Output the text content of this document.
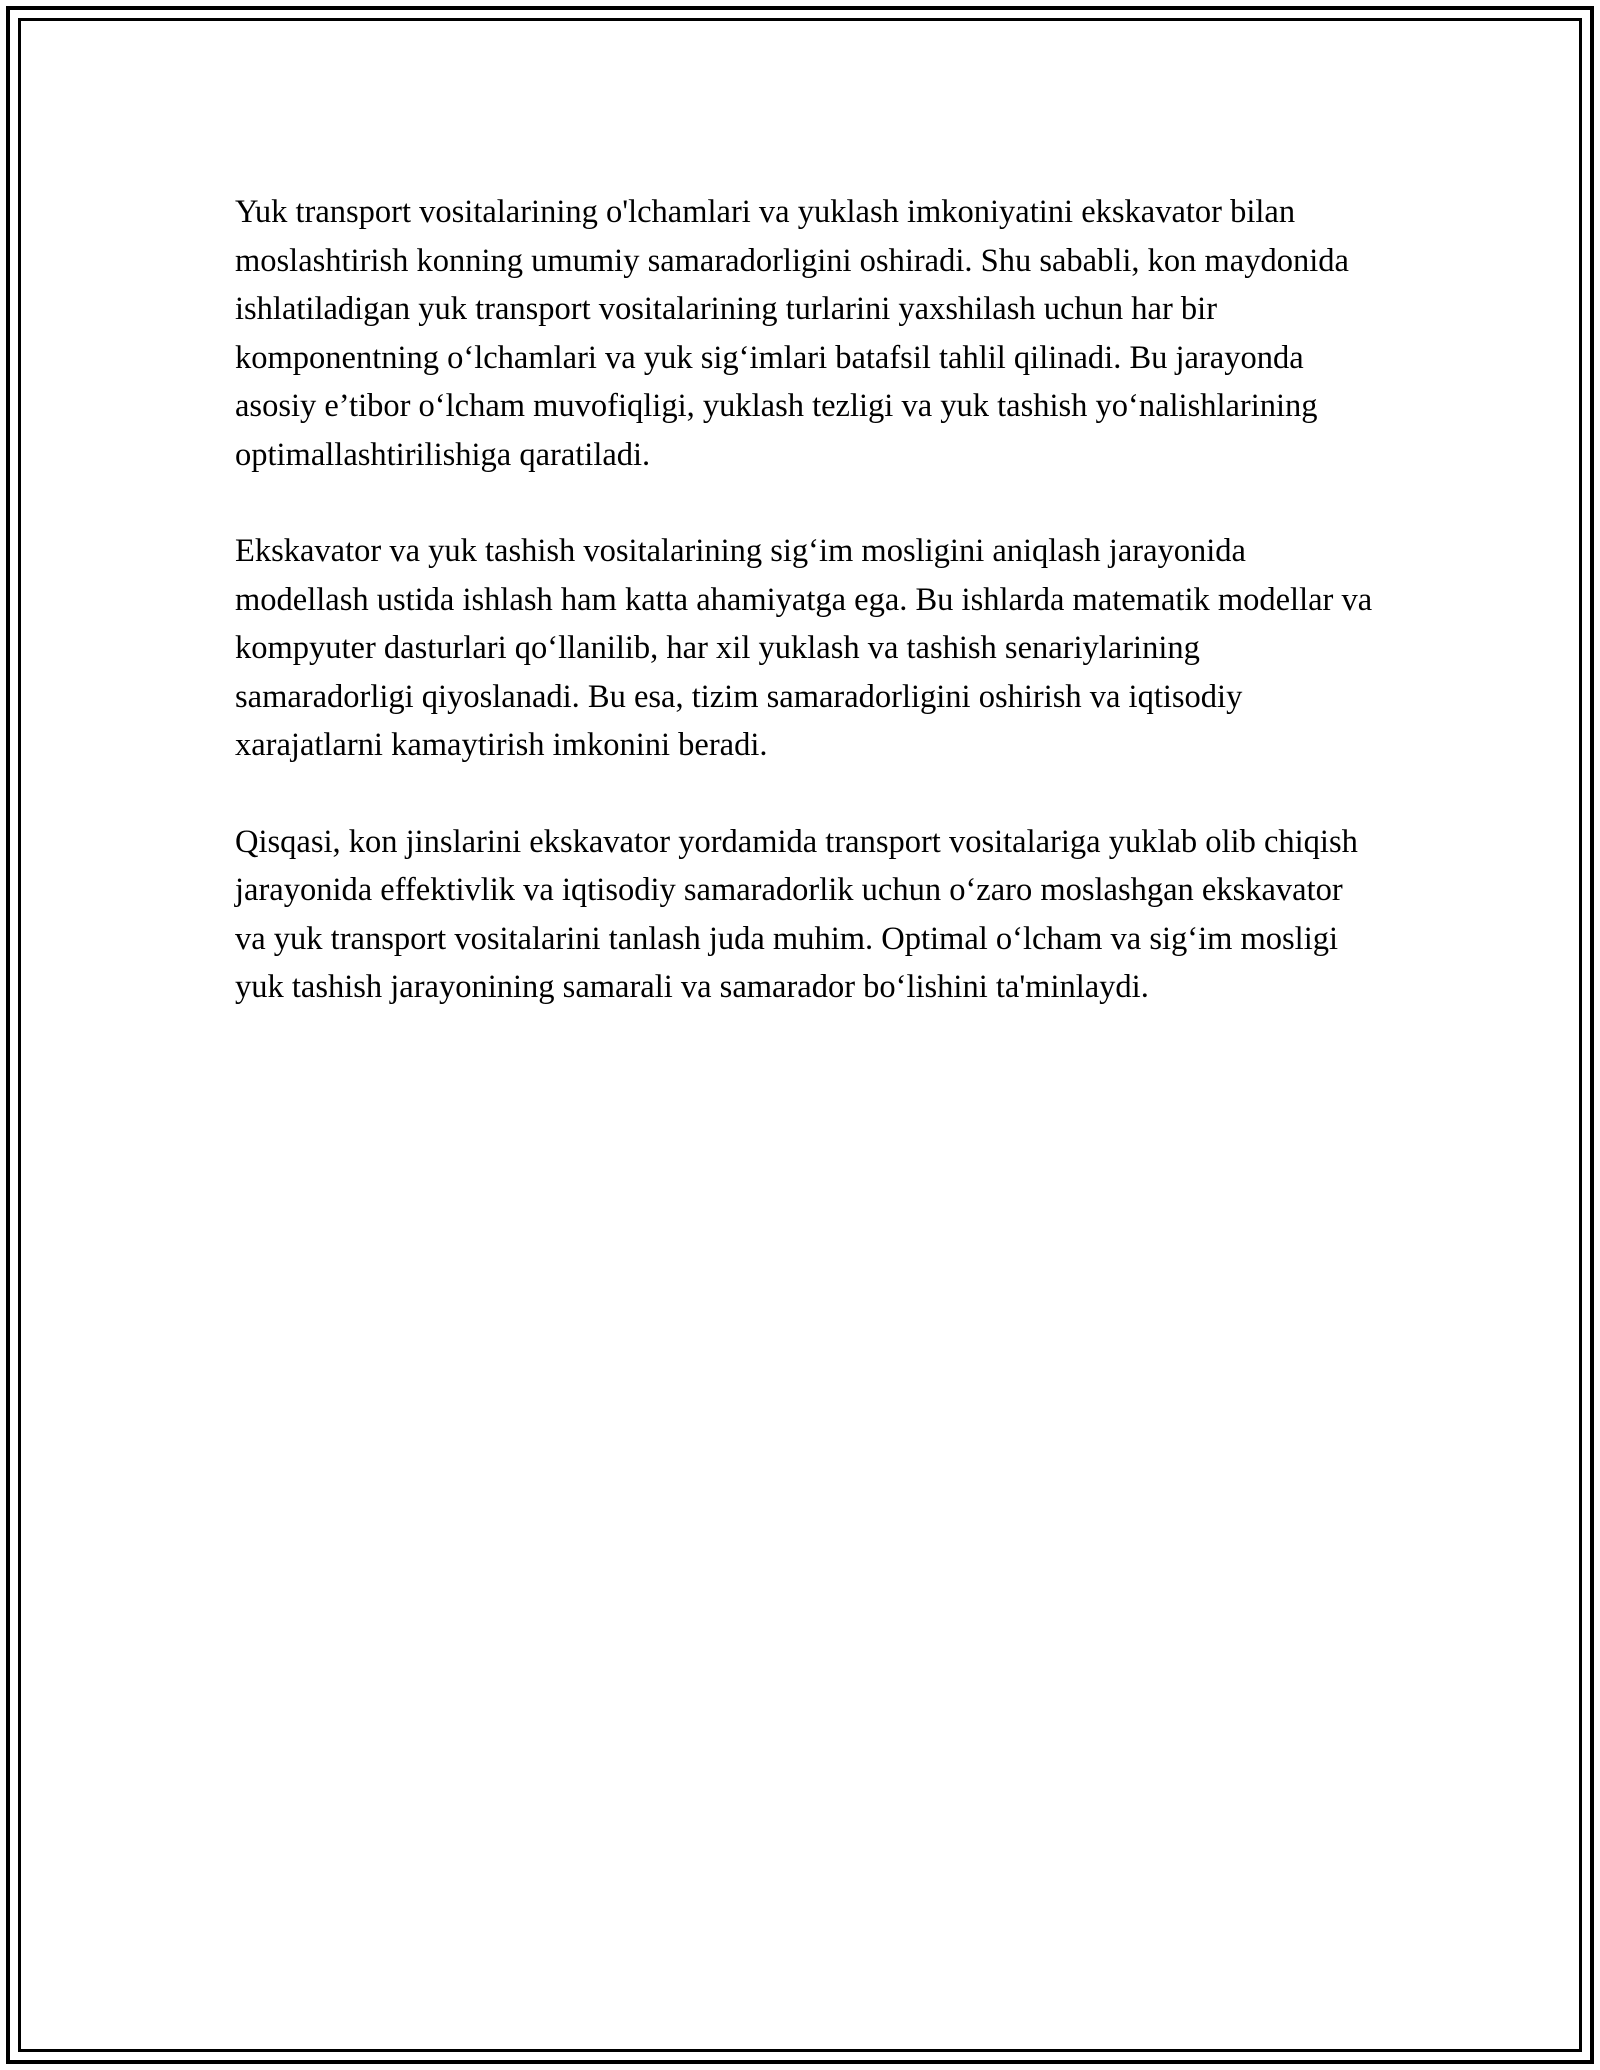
Yuk transport vositalarining o'lchamlari va yuklash imkoniyatini ekskavator bilan moslashtirish konning umumiy samaradorligini oshiradi. Shu sababli, kon maydonida ishlatiladigan yuk transport vositalarining turlarini yaxshilash uchun har bir komponentning o‘lchamlari va yuk sig‘imlari batafsil tahlil qilinadi. Bu jarayonda asosiy e’tibor o‘lcham muvofiqligi, yuklash tezligi va yuk tashish yo‘nalishlarining optimallashtirilishiga qaratiladi.

Ekskavator va yuk tashish vositalarining sig‘im mosligini aniqlash jarayonida modellash ustida ishlash ham katta ahamiyatga ega. Bu ishlarda matematik modellar va kompyuter dasturlari qo‘llanilib, har xil yuklash va tashish senariylarining samaradorligi qiyoslanadi. Bu esa, tizim samaradorligini oshirish va iqtisodiy xarajatlarni kamaytirish imkonini beradi.

Qisqasi, kon jinslarini ekskavator yordamida transport vositalariga yuklab olib chiqish jarayonida effektivlik va iqtisodiy samaradorlik uchun o‘zaro moslashgan ekskavator va yuk transport vositalarini tanlash juda muhim. Optimal o‘lcham va sig‘im mosligi yuk tashish jarayonining samarali va samarador bo‘lishini ta'minlaydi.
